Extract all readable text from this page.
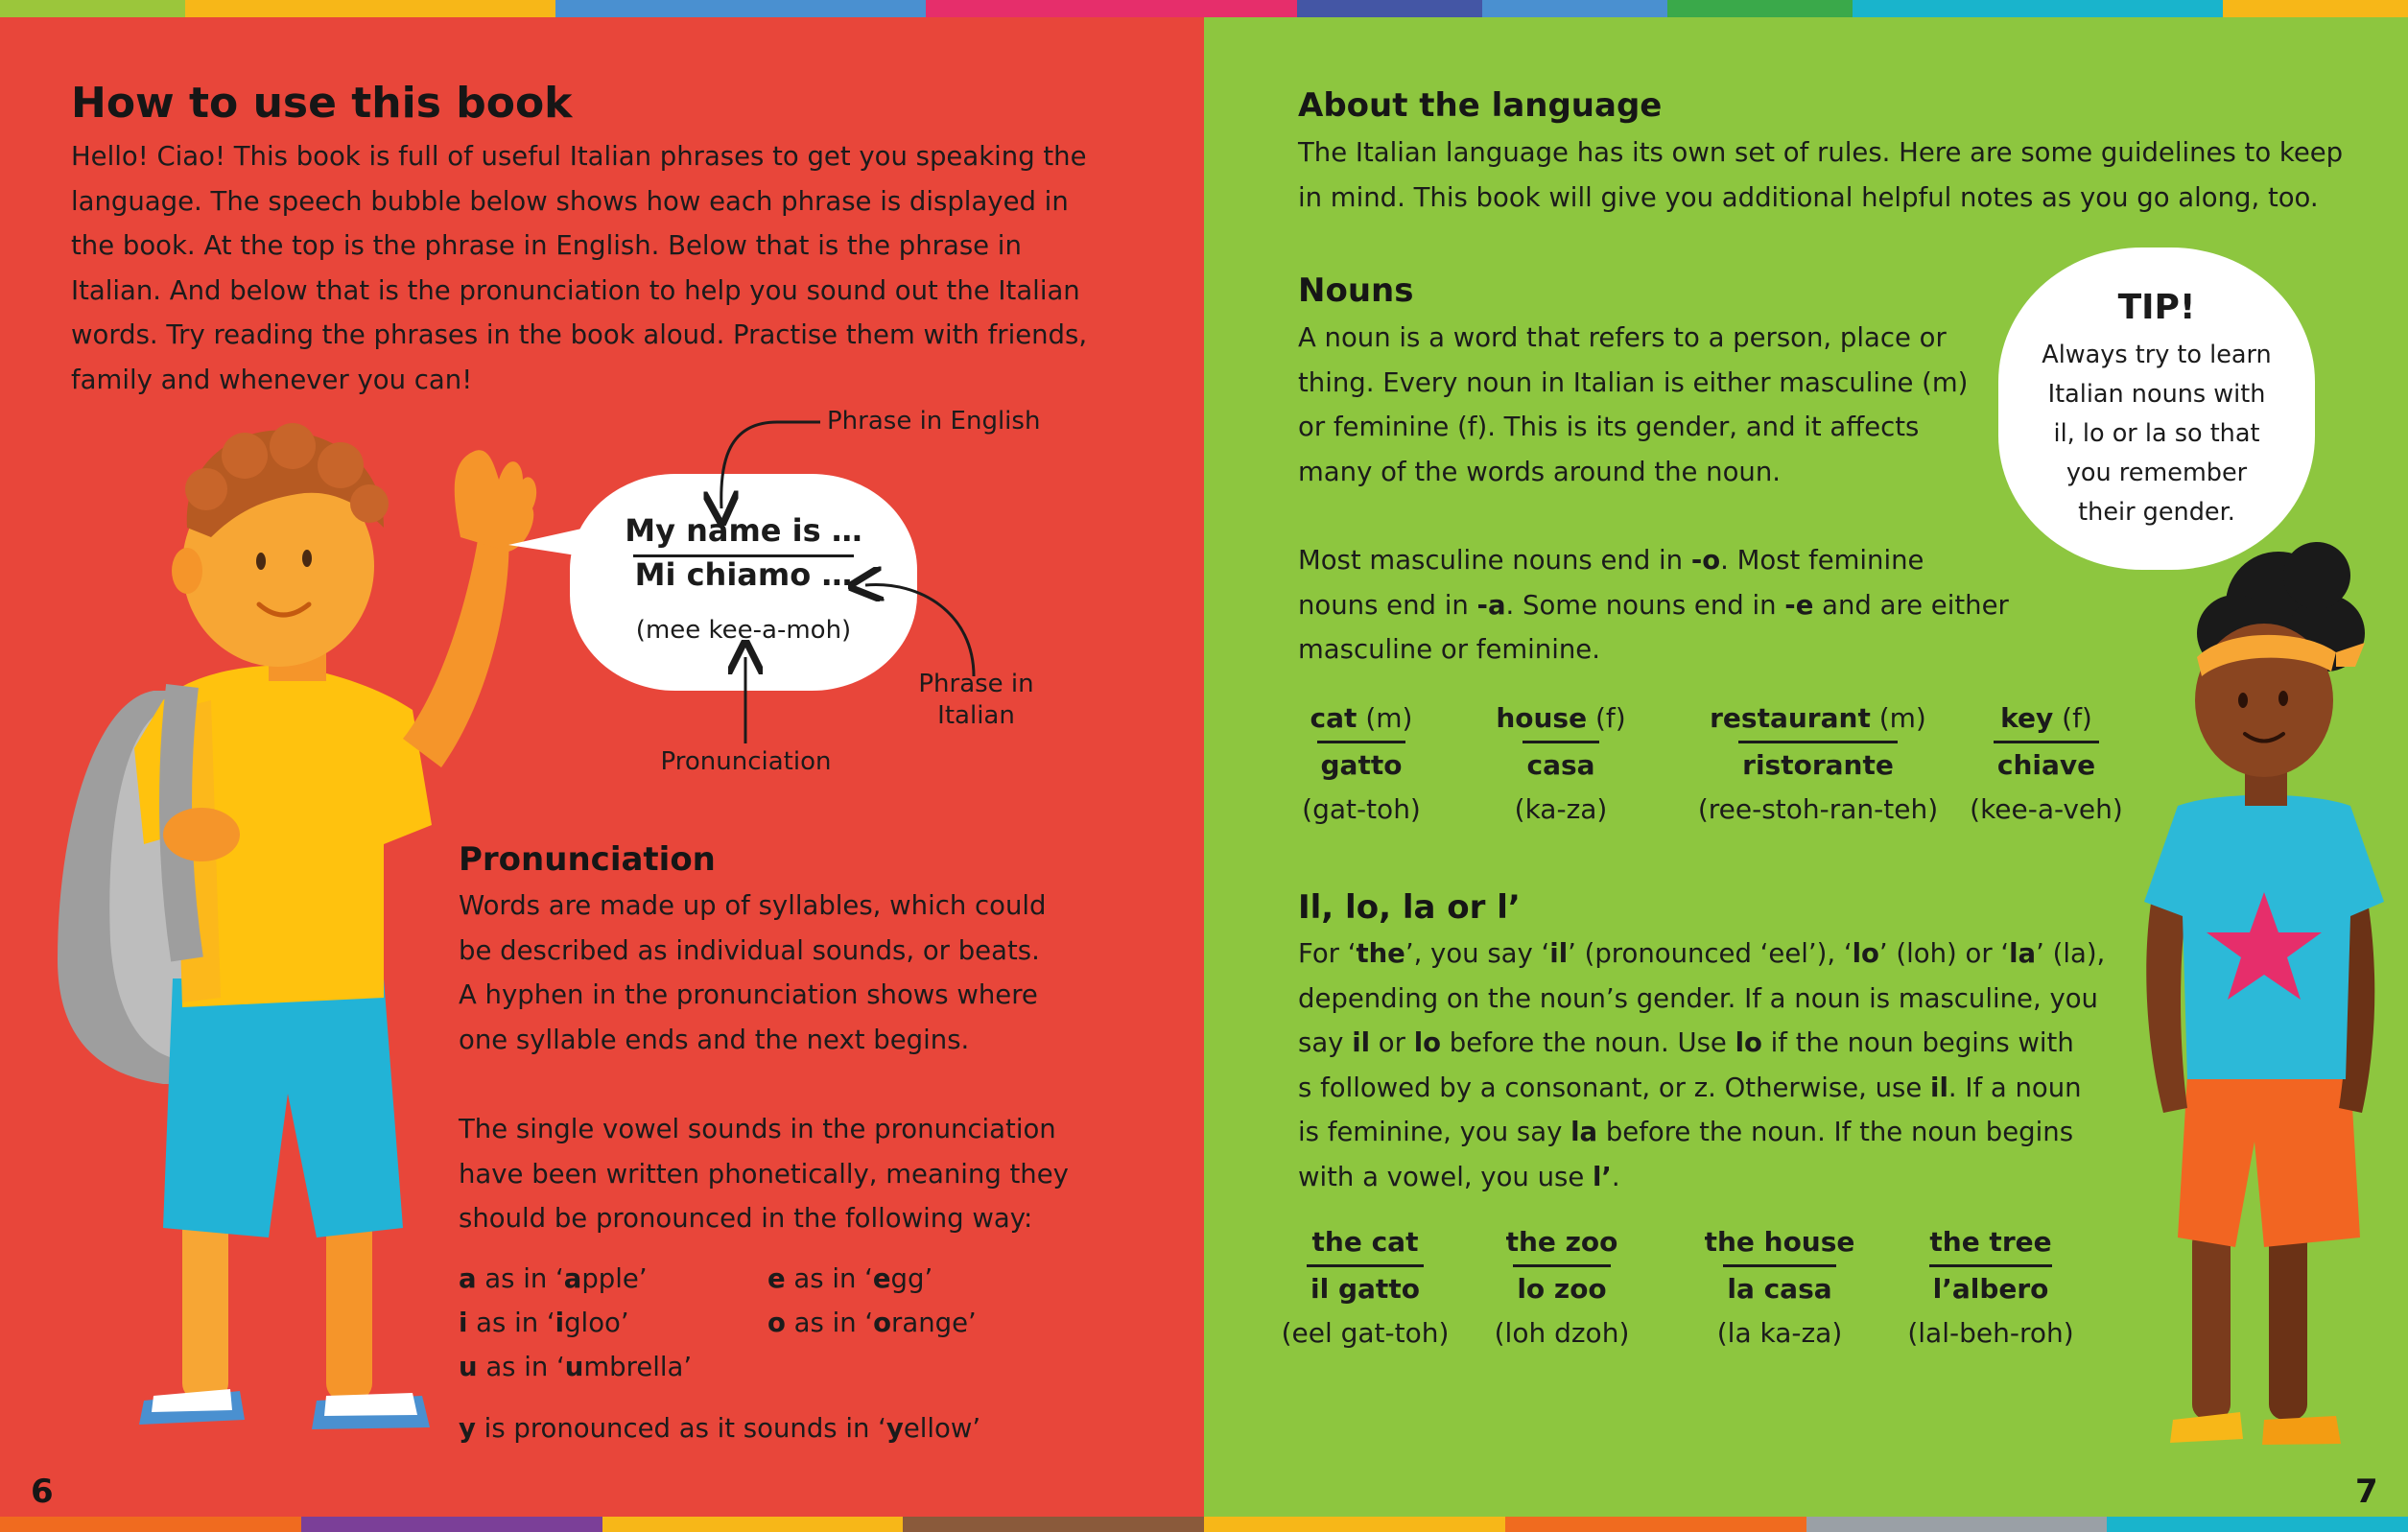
How to use this book

Hello! Ciao! This book is full of useful Italian phrases to get you speaking the

language. The speech bubble below shows how each phrase is displayed in

the book. At the top is the phrase in English. Below that is the phrase in

Italian. And below that is the pronunciation to help you sound out the Italian

words. Try reading the phrases in the book aloud. Practise them with friends,

family and whenever you can!

My name is …
Mi chiamo …
(mee kee-a-moh)
Phrase in English
Phrase in
Italian
Pronunciation
Pronunciation

Words are made up of syllables, which could

be described as individual sounds, or beats.

A hyphen in the pronunciation shows where

one syllable ends and the next begins.

The single vowel sounds in the pronunciation

have been written phonetically, meaning they

should be pronounced in the following way:

a as in ‘apple’	e as in ‘egg’
i as in ‘igloo’	o as in ‘orange’
u as in ‘umbrella’
y is pronounced as it sounds in ‘yellow’
6
About the language

The Italian language has its own set of rules. Here are some guidelines to keep

in mind. This book will give you additional helpful notes as you go along, too.

Nouns

A noun is a word that refers to a person, place or

thing. Every noun in Italian is either masculine (m)

or feminine (f). This is its gender, and it affects

many of the words around the noun.

Most masculine nouns end in -o. Most feminine

nouns end in -a. Some nouns end in -e and are either

masculine or feminine.

TIP!
Always try to learn
Italian nouns with
il, lo or la so that
you remember
their gender.
cat (m)
gatto
(gat-toh)
house (f)
casa
(ka-za)
restaurant (m)
ristorante
(ree-stoh-ran-teh)
key (f)
chiave
(kee-a-veh)
Il, lo, la or l’

For ‘the’, you say ‘il’ (pronounced ‘eel’), ‘lo’ (loh) or ‘la’ (la),

depending on the noun’s gender. If a noun is masculine, you

say il or lo before the noun. Use lo if the noun begins with

s followed by a consonant, or z. Otherwise, use il. If a noun

is feminine, you say la before the noun. If the noun begins

with a vowel, you use l’.

the cat
il gatto
(eel gat-toh)
the zoo
lo zoo
(loh dzoh)
the house
la casa
(la ka-za)
the tree
l’albero
(lal-beh-roh)
7
